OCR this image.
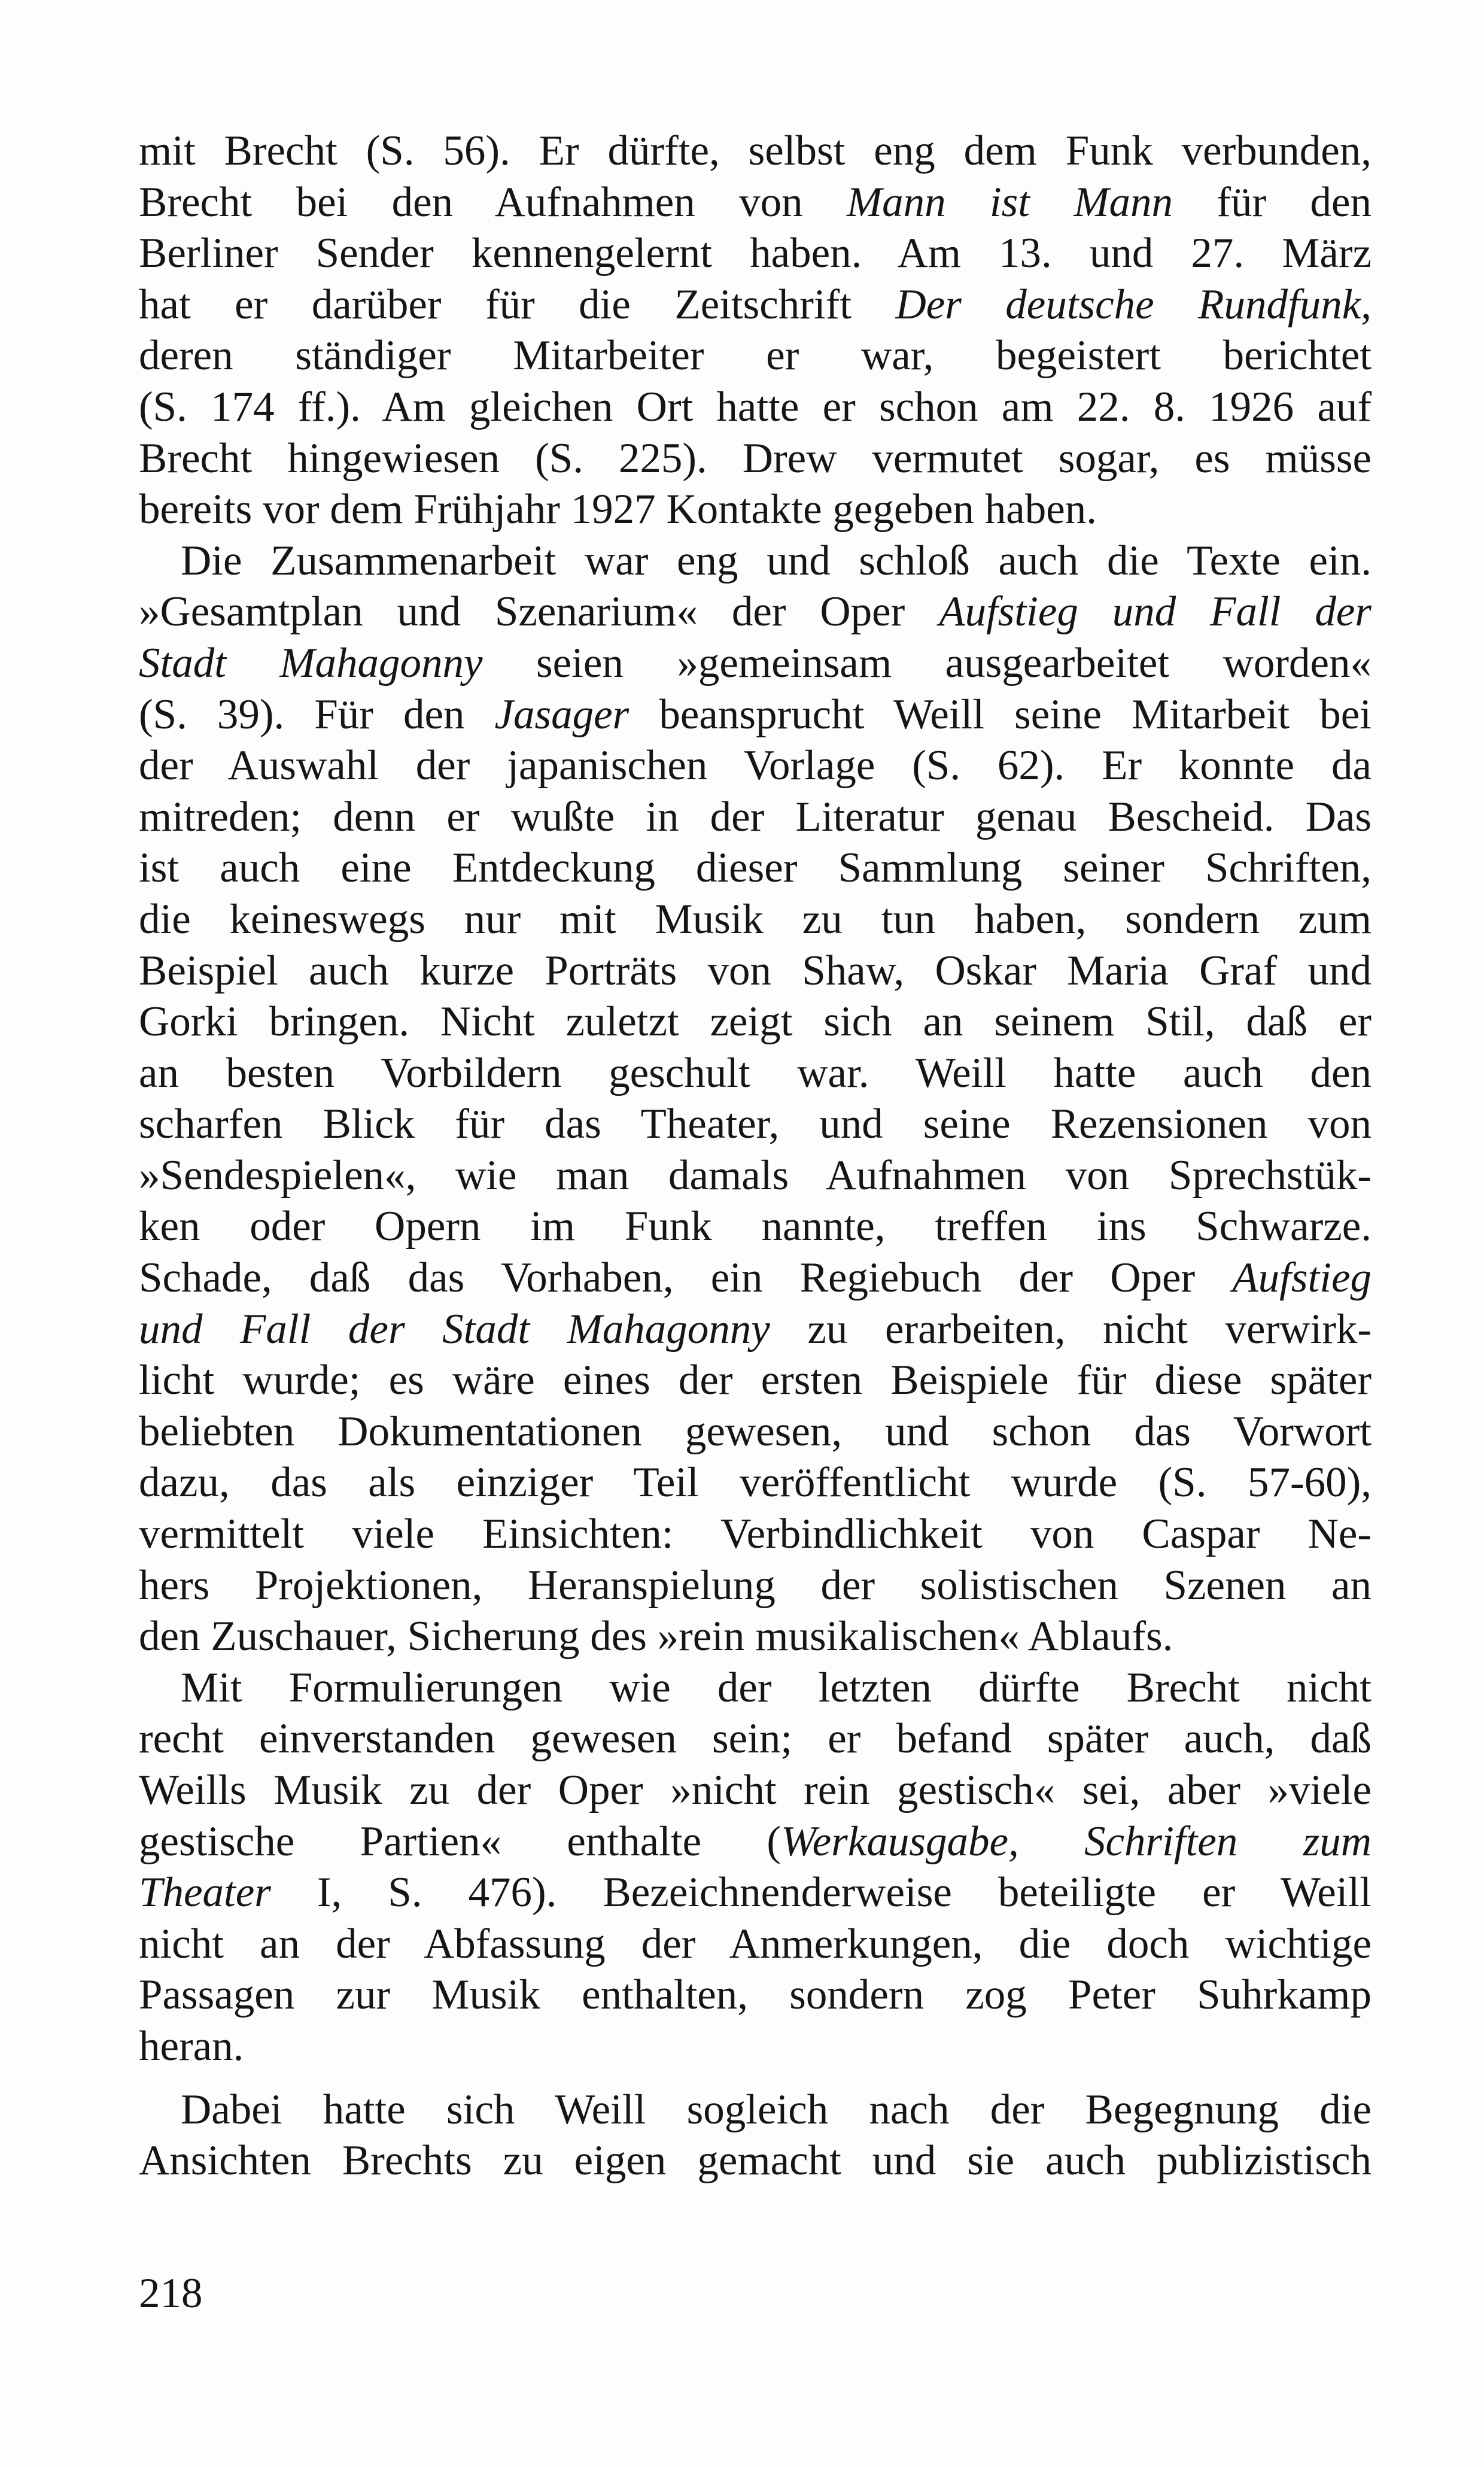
mit Brecht (S. 56). Er dürfte, selbst eng dem Funk verbunden,
Brecht bei den Aufnahmen von Mann ist Mann für den
Berliner Sender kennengelernt haben. Am 13. und 27. März
hat er darüber für die Zeitschrift Der deutsche Rundfunk,
deren ständiger Mitarbeiter er war, begeistert berichtet
(S. 174 ff.). Am gleichen Ort hatte er schon am 22. 8. 1926 auf
Brecht hingewiesen (S. 225). Drew vermutet sogar, es müsse
bereits vor dem Frühjahr 1927 Kontakte gegeben haben.
Die Zusammenarbeit war eng und schloß auch die Texte ein.
»Gesamtplan und Szenarium« der Oper Aufstieg und Fall der
Stadt Mahagonny seien »gemeinsam ausgearbeitet worden«
(S. 39). Für den Jasager beansprucht Weill seine Mitarbeit bei
der Auswahl der japanischen Vorlage (S. 62). Er konnte da
mitreden; denn er wußte in der Literatur genau Bescheid. Das
ist auch eine Entdeckung dieser Sammlung seiner Schriften,
die keineswegs nur mit Musik zu tun haben, sondern zum
Beispiel auch kurze Porträts von Shaw, Oskar Maria Graf und
Gorki bringen. Nicht zuletzt zeigt sich an seinem Stil, daß er
an besten Vorbildern geschult war. Weill hatte auch den
scharfen Blick für das Theater, und seine Rezensionen von
»Sendespielen«, wie man damals Aufnahmen von Sprechstük-
ken oder Opern im Funk nannte, treffen ins Schwarze.
Schade, daß das Vorhaben, ein Regiebuch der Oper Aufstieg
und Fall der Stadt Mahagonny zu erarbeiten, nicht verwirk-
licht wurde; es wäre eines der ersten Beispiele für diese später
beliebten Dokumentationen gewesen, und schon das Vorwort
dazu, das als einziger Teil veröffentlicht wurde (S. 57-60),
vermittelt viele Einsichten: Verbindlichkeit von Caspar Ne-
hers Projektionen, Heranspielung der solistischen Szenen an
den Zuschauer, Sicherung des »rein musikalischen« Ablaufs.
Mit Formulierungen wie der letzten dürfte Brecht nicht
recht einverstanden gewesen sein; er befand später auch, daß
Weills Musik zu der Oper »nicht rein gestisch« sei, aber »viele
gestische Partien« enthalte (Werkausgabe, Schriften zum
Theater I, S. 476). Bezeichnenderweise beteiligte er Weill
nicht an der Abfassung der Anmerkungen, die doch wichtige
Passagen zur Musik enthalten, sondern zog Peter Suhrkamp
heran.
Dabei hatte sich Weill sogleich nach der Begegnung die
Ansichten Brechts zu eigen gemacht und sie auch publizistisch
218
